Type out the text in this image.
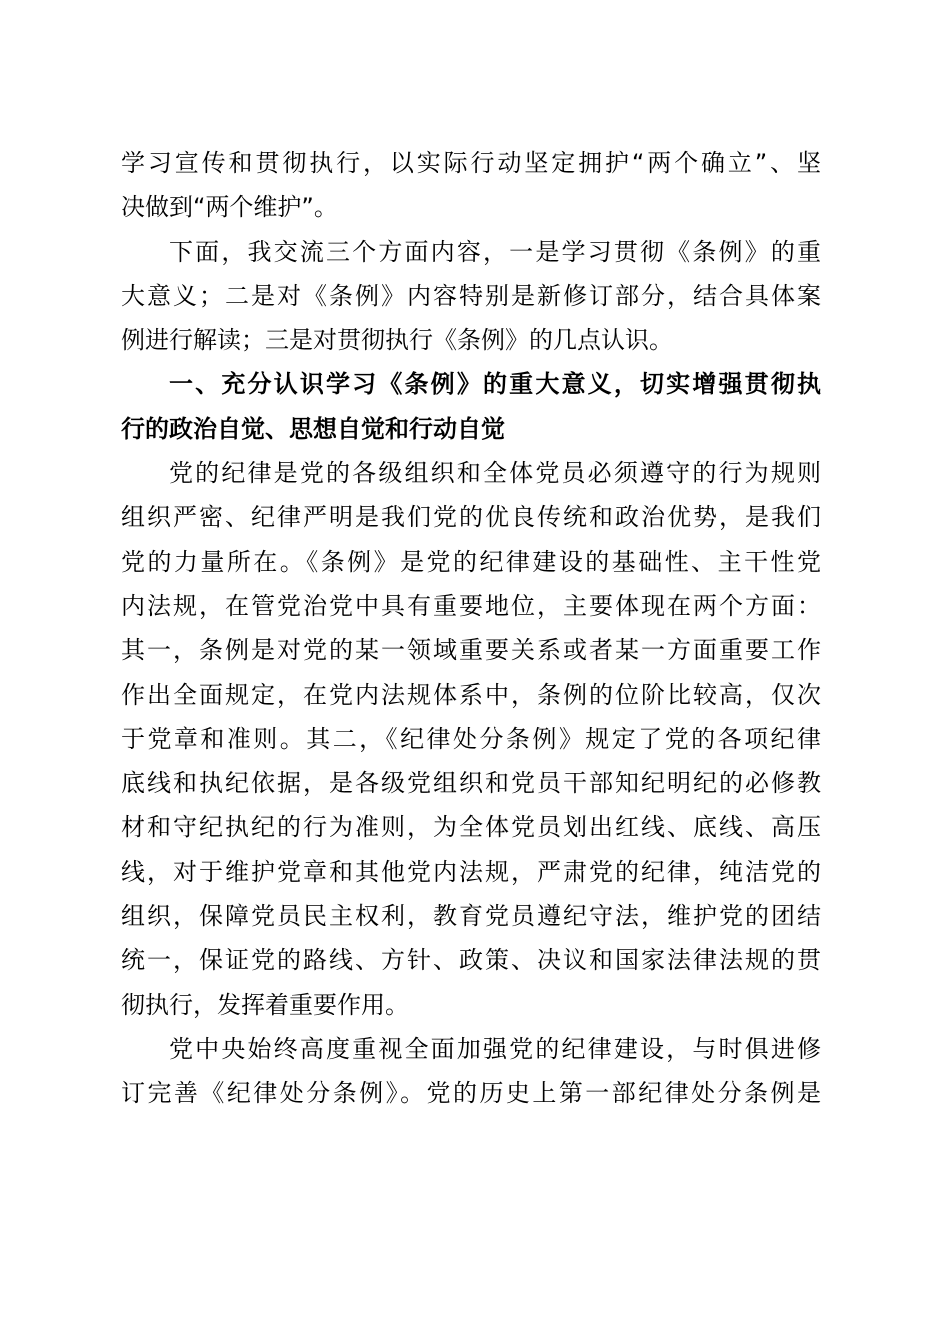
学习宣传和贯彻执行，以实际行动坚定拥护“两个确立”、坚
决做到“两个维护”。
下面，我交流三个方面内容，一是学习贯彻《条例》的重
大意义；二是对《条例》内容特别是新修订部分，结合具体案
例进行解读；三是对贯彻执行《条例》的几点认识。
一、充分认识学习《条例》的重大意义，切实增强贯彻执
行的政治自觉、思想自觉和行动自觉
党的纪律是党的各级组织和全体党员必须遵守的行为规则
组织严密、纪律严明是我们党的优良传统和政治优势，是我们
党的力量所在。《条例》是党的纪律建设的基础性、主干性党
内法规，在管党治党中具有重要地位，主要体现在两个方面：
其一，条例是对党的某一领域重要关系或者某一方面重要工作
作出全面规定，在党内法规体系中，条例的位阶比较高，仅次
于党章和准则。其二，《纪律处分条例》规定了党的各项纪律
底线和执纪依据，是各级党组织和党员干部知纪明纪的必修教
材和守纪执纪的行为准则，为全体党员划出红线、底线、高压
线，对于维护党章和其他党内法规，严肃党的纪律，纯洁党的
组织，保障党员民主权利，教育党员遵纪守法，维护党的团结
统一，保证党的路线、方针、政策、决议和国家法律法规的贯
彻执行，发挥着重要作用。
党中央始终高度重视全面加强党的纪律建设，与时俱进修
订完善《纪律处分条例》。党的历史上第一部纪律处分条例是
